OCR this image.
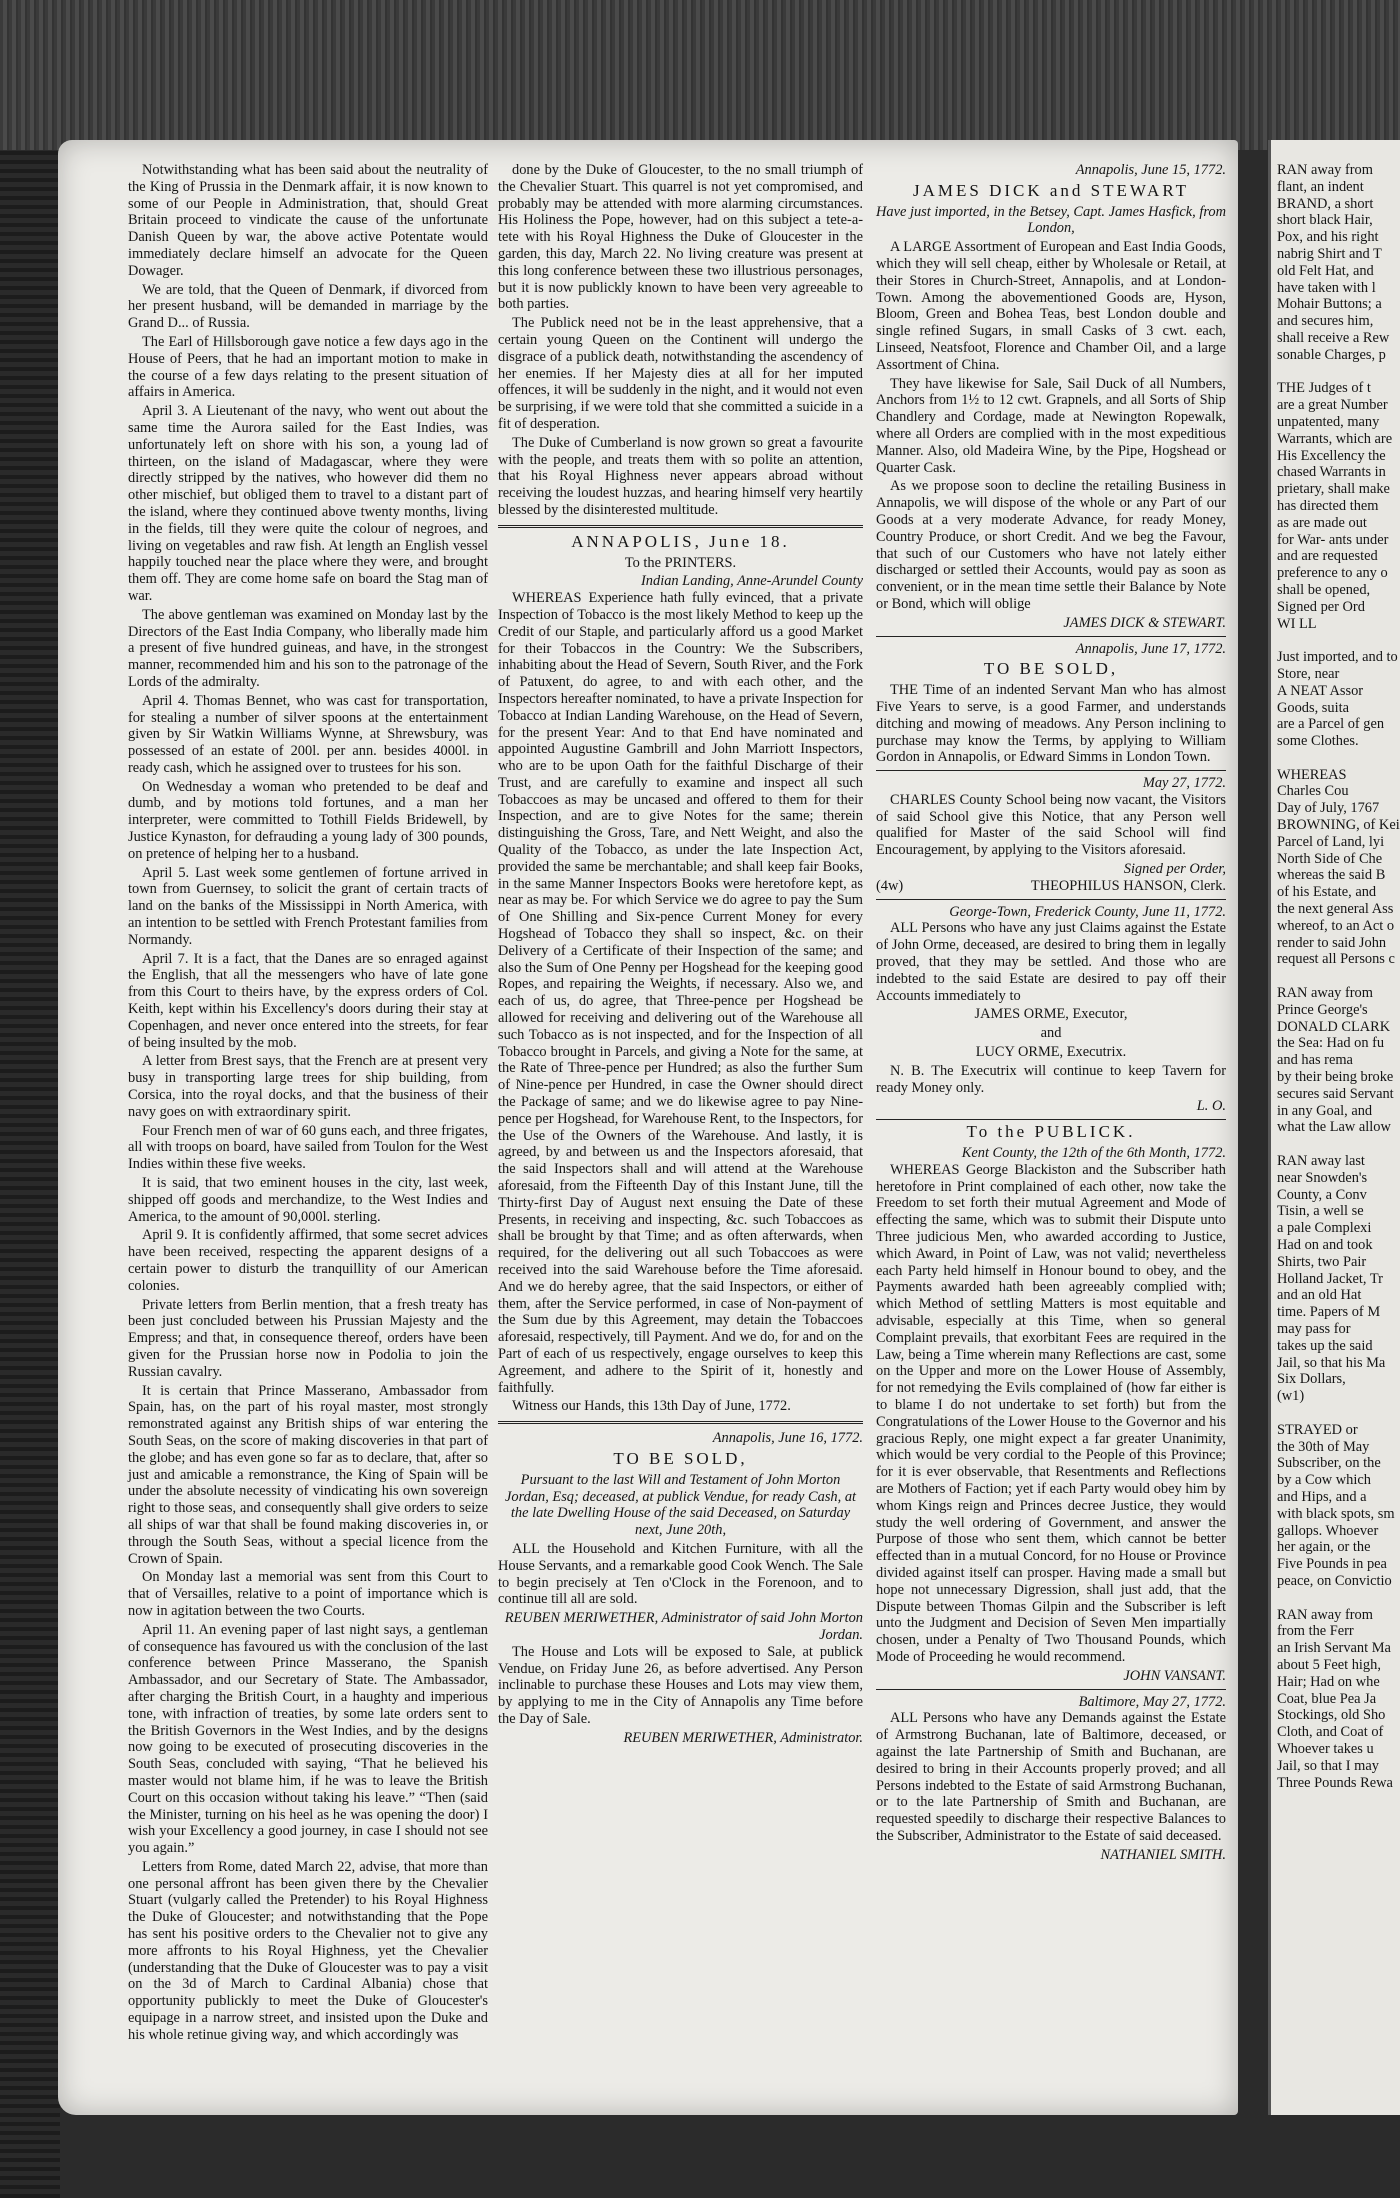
Notwithstanding what has been said about the neutrality of the King of Prussia in the Denmark affair, it is now known to some of our People in Administration, that, should Great Britain proceed to vindicate the cause of the unfortunate Danish Queen by war, the above active Potentate would immediately declare himself an advocate for the Queen Dowager.

We are told, that the Queen of Denmark, if divorced from her present husband, will be demanded in marriage by the Grand D... of Russia.

The Earl of Hillsborough gave notice a few days ago in the House of Peers, that he had an important motion to make in the course of a few days relating to the present situation of affairs in America.

April 3. A Lieutenant of the navy, who went out about the same time the Aurora sailed for the East Indies, was unfortunately left on shore with his son, a young lad of thirteen, on the island of Madagascar, where they were directly stripped by the natives, who however did them no other mischief, but obliged them to travel to a distant part of the island, where they continued above twenty months, living in the fields, till they were quite the colour of negroes, and living on vegetables and raw fish. At length an English vessel happily touched near the place where they were, and brought them off. They are come home safe on board the Stag man of war.

The above gentleman was examined on Monday last by the Directors of the East India Company, who liberally made him a present of five hundred guineas, and have, in the strongest manner, recommended him and his son to the patronage of the Lords of the admiralty.

April 4. Thomas Bennet, who was cast for transportation, for stealing a number of silver spoons at the entertainment given by Sir Watkin Williams Wynne, at Shrewsbury, was possessed of an estate of 200l. per ann. besides 4000l. in ready cash, which he assigned over to trustees for his son.

On Wednesday a woman who pretended to be deaf and dumb, and by motions told fortunes, and a man her interpreter, were committed to Tothill Fields Bridewell, by Justice Kynaston, for defrauding a young lady of 300 pounds, on pretence of helping her to a husband.

April 5. Last week some gentlemen of fortune arrived in town from Guernsey, to solicit the grant of certain tracts of land on the banks of the Mississippi in North America, with an intention to be settled with French Protestant families from Normandy.

April 7. It is a fact, that the Danes are so enraged against the English, that all the messengers who have of late gone from this Court to theirs have, by the express orders of Col. Keith, kept within his Excellency's doors during their stay at Copenhagen, and never once entered into the streets, for fear of being insulted by the mob.

A letter from Brest says, that the French are at present very busy in transporting large trees for ship building, from Corsica, into the royal docks, and that the business of their navy goes on with extraordinary spirit.

Four French men of war of 60 guns each, and three frigates, all with troops on board, have sailed from Toulon for the West Indies within these five weeks.

It is said, that two eminent houses in the city, last week, shipped off goods and merchandize, to the West Indies and America, to the amount of 90,000l. sterling.

April 9. It is confidently affirmed, that some secret advices have been received, respecting the apparent designs of a certain power to disturb the tranquillity of our American colonies.

Private letters from Berlin mention, that a fresh treaty has been just concluded between his Prussian Majesty and the Empress; and that, in consequence thereof, orders have been given for the Prussian horse now in Podolia to join the Russian cavalry.

It is certain that Prince Masserano, Ambassador from Spain, has, on the part of his royal master, most strongly remonstrated against any British ships of war entering the South Seas, on the score of making discoveries in that part of the globe; and has even gone so far as to declare, that, after so just and amicable a remonstrance, the King of Spain will be under the absolute necessity of vindicating his own sovereign right to those seas, and consequently shall give orders to seize all ships of war that shall be found making discoveries in, or through the South Seas, without a special licence from the Crown of Spain.

On Monday last a memorial was sent from this Court to that of Versailles, relative to a point of importance which is now in agitation between the two Courts.

April 11. An evening paper of last night says, a gentleman of consequence has favoured us with the conclusion of the last conference between Prince Masserano, the Spanish Ambassador, and our Secretary of State. The Ambassador, after charging the British Court, in a haughty and imperious tone, with infraction of treaties, by some late orders sent to the British Governors in the West Indies, and by the designs now going to be executed of prosecuting discoveries in the South Seas, concluded with saying, “That he believed his master would not blame him, if he was to leave the British Court on this occasion without taking his leave.” “Then (said the Minister, turning on his heel as he was opening the door) I wish your Excellency a good journey, in case I should not see you again.”

Letters from Rome, dated March 22, advise, that more than one personal affront has been given there by the Chevalier Stuart (vulgarly called the Pretender) to his Royal Highness the Duke of Gloucester; and notwithstanding that the Pope has sent his positive orders to the Chevalier not to give any more affronts to his Royal Highness, yet the Chevalier (understanding that the Duke of Gloucester was to pay a visit on the 3d of March to Cardinal Albania) chose that opportunity publickly to meet the Duke of Gloucester's equipage in a narrow street, and insisted upon the Duke and his whole retinue giving way, and which accordingly was

done by the Duke of Gloucester, to the no small triumph of the Chevalier Stuart. This quarrel is not yet compromised, and probably may be attended with more alarming circumstances. His Holiness the Pope, however, had on this subject a tete-a-tete with his Royal Highness the Duke of Gloucester in the garden, this day, March 22. No living creature was present at this long conference between these two illustrious personages, but it is now publickly known to have been very agreeable to both parties.

The Publick need not be in the least apprehensive, that a certain young Queen on the Continent will undergo the disgrace of a publick death, notwithstanding the ascendency of her enemies. If her Majesty dies at all for her imputed offences, it will be suddenly in the night, and it would not even be surprising, if we were told that she committed a suicide in a fit of desperation.

The Duke of Cumberland is now grown so great a favourite with the people, and treats them with so polite an attention, that his Royal Highness never appears abroad without receiving the loudest huzzas, and hearing himself very heartily blessed by the disinterested multitude.

ANNAPOLIS, June 18.
To the PRINTERS.
Indian Landing, Anne-Arundel County

WHEREAS Experience hath fully evinced, that a private Inspection of Tobacco is the most likely Method to keep up the Credit of our Staple, and particularly afford us a good Market for their Tobaccos in the Country: We the Subscribers, inhabiting about the Head of Severn, South River, and the Fork of Patuxent, do agree, to and with each other, and the Inspectors hereafter nominated, to have a private Inspection for Tobacco at Indian Landing Warehouse, on the Head of Severn, for the present Year: And to that End have nominated and appointed Augustine Gambrill and John Marriott Inspectors, who are to be upon Oath for the faithful Discharge of their Trust, and are carefully to examine and inspect all such Tobaccoes as may be uncased and offered to them for their Inspection, and are to give Notes for the same; therein distinguishing the Gross, Tare, and Nett Weight, and also the Quality of the Tobacco, as under the late Inspection Act, provided the same be merchantable; and shall keep fair Books, in the same Manner Inspectors Books were heretofore kept, as near as may be. For which Service we do agree to pay the Sum of One Shilling and Six-pence Current Money for every Hogshead of Tobacco they shall so inspect, &c. on their Delivery of a Certificate of their Inspection of the same; and also the Sum of One Penny per Hogshead for the keeping good Ropes, and repairing the Weights, if necessary. Also we, and each of us, do agree, that Three-pence per Hogshead be allowed for receiving and delivering out of the Warehouse all such Tobacco as is not inspected, and for the Inspection of all Tobacco brought in Parcels, and giving a Note for the same, at the Rate of Three-pence per Hundred; as also the further Sum of Nine-pence per Hundred, in case the Owner should direct the Package of same; and we do likewise agree to pay Nine-pence per Hogshead, for Warehouse Rent, to the Inspectors, for the Use of the Owners of the Warehouse. And lastly, it is agreed, by and between us and the Inspectors aforesaid, that the said Inspectors shall and will attend at the Warehouse aforesaid, from the Fifteenth Day of this Instant June, till the Thirty-first Day of August next ensuing the Date of these Presents, in receiving and inspecting, &c. such Tobaccoes as shall be brought by that Time; and as often afterwards, when required, for the delivering out all such Tobaccoes as were received into the said Warehouse before the Time aforesaid. And we do hereby agree, that the said Inspectors, or either of them, after the Service performed, in case of Non-payment of the Sum due by this Agreement, may detain the Tobaccoes aforesaid, respectively, till Payment. And we do, for and on the Part of each of us respectively, engage ourselves to keep this Agreement, and adhere to the Spirit of it, honestly and faithfully.

Witness our Hands, this 13th Day of June, 1772.

Annapolis, June 16, 1772.
TO BE SOLD,
Pursuant to the last Will and Testament of John Morton Jordan, Esq; deceased, at publick Vendue, for ready Cash, at the late Dwelling House of the said Deceased, on Saturday next, June 20th,

ALL the Household and Kitchen Furniture, with all the House Servants, and a remarkable good Cook Wench. The Sale to begin precisely at Ten o'Clock in the Forenoon, and to continue till all are sold.

REUBEN MERIWETHER, Administrator of said John Morton Jordan.

The House and Lots will be exposed to Sale, at publick Vendue, on Friday June 26, as before advertised. Any Person inclinable to purchase these Houses and Lots may view them, by applying to me in the City of Annapolis any Time before the Day of Sale.

REUBEN MERIWETHER, Administrator.
Annapolis, June 15, 1772.
JAMES DICK and STEWART
Have just imported, in the Betsey, Capt. James Hasfick, from London,

A LARGE Assortment of European and East India Goods, which they will sell cheap, either by Wholesale or Retail, at their Stores in Church-Street, Annapolis, and at London-Town. Among the abovementioned Goods are, Hyson, Bloom, Green and Bohea Teas, best London double and single refined Sugars, in small Casks of 3 cwt. each, Linseed, Neatsfoot, Florence and Chamber Oil, and a large Assortment of China.

They have likewise for Sale, Sail Duck of all Numbers, Anchors from 1½ to 12 cwt. Grapnels, and all Sorts of Ship Chandlery and Cordage, made at Newington Ropewalk, where all Orders are complied with in the most expeditious Manner. Also, old Madeira Wine, by the Pipe, Hogshead or Quarter Cask.

As we propose soon to decline the retailing Business in Annapolis, we will dispose of the whole or any Part of our Goods at a very moderate Advance, for ready Money, Country Produce, or short Credit. And we beg the Favour, that such of our Customers who have not lately either discharged or settled their Accounts, would pay as soon as convenient, or in the mean time settle their Balance by Note or Bond, which will oblige

JAMES DICK & STEWART.
Annapolis, June 17, 1772.
TO BE SOLD,

THE Time of an indented Servant Man who has almost Five Years to serve, is a good Farmer, and understands ditching and mowing of meadows. Any Person inclining to purchase may know the Terms, by applying to William Gordon in Annapolis, or Edward Simms in London Town.

May 27, 1772.

CHARLES County School being now vacant, the Visitors of said School give this Notice, that any Person well qualified for Master of the said School will find Encouragement, by applying to the Visitors aforesaid.

Signed per Order,
(4w)	THEOPHILUS HANSON, Clerk.
George-Town, Frederick County, June 11, 1772.

ALL Persons who have any just Claims against the Estate of John Orme, deceased, are desired to bring them in legally proved, that they may be settled. And those who are indebted to the said Estate are desired to pay off their Accounts immediately to

JAMES ORME, Executor,
and
LUCY ORME, Executrix.

N. B. The Executrix will continue to keep Tavern for ready Money only.

L. O.
To the PUBLICK.
Kent County, the 12th of the 6th Month, 1772.

WHEREAS George Blackiston and the Subscriber hath heretofore in Print complained of each other, now take the Freedom to set forth their mutual Agreement and Mode of effecting the same, which was to submit their Dispute unto Three judicious Men, who awarded according to Justice, which Award, in Point of Law, was not valid; nevertheless each Party held himself in Honour bound to obey, and the Payments awarded hath been agreeably complied with; which Method of settling Matters is most equitable and advisable, especially at this Time, when so general Complaint prevails, that exorbitant Fees are required in the Law, being a Time wherein many Reflections are cast, some on the Upper and more on the Lower House of Assembly, for not remedying the Evils complained of (how far either is to blame I do not undertake to set forth) but from the Congratulations of the Lower House to the Governor and his gracious Reply, one might expect a far greater Unanimity, which would be very cordial to the People of this Province; for it is ever observable, that Resentments and Reflections are Mothers of Faction; yet if each Party would obey him by whom Kings reign and Princes decree Justice, they would study the well ordering of Government, and answer the Purpose of those who sent them, which cannot be better effected than in a mutual Concord, for no House or Province divided against itself can prosper. Having made a small but hope not unnecessary Digression, shall just add, that the Dispute between Thomas Gilpin and the Subscriber is left unto the Judgment and Decision of Seven Men impartially chosen, under a Penalty of Two Thousand Pounds, which Mode of Proceeding he would recommend.

JOHN VANSANT.
Baltimore, May 27, 1772.

ALL Persons who have any Demands against the Estate of Armstrong Buchanan, late of Baltimore, deceased, or against the late Partnership of Smith and Buchanan, are desired to bring in their Accounts properly proved; and all Persons indebted to the Estate of said Armstrong Buchanan, or to the late Partnership of Smith and Buchanan, are requested speedily to discharge their respective Balances to the Subscriber, Administrator to the Estate of said deceased.

NATHANIEL SMITH.
RAN away from
flant, an indent
BRAND, a short
short black Hair,
Pox, and his right
nabrig Shirt and T
old Felt Hat, and
have taken with l
Mohair Buttons; a
and secures him,
shall receive a Rew
sonable Charges, p
THE Judges of t
are a great Number
unpatented, many
Warrants, which are
His Excellency the
chased Warrants in
prietary, shall make
has directed them
as are made out
for War- ants under
and are requested
preference to any o
shall be opened,
Signed per Ord
WI LL
Just imported, and to
Store, near
A NEAT Assor
Goods, suita
are a Parcel of gen
some Clothes.
WHEREAS
Charles Cou
Day of July, 1767
BROWNING, of Kei
Parcel of Land, lyi
North Side of Che
whereas the said B
of his Estate, and
the next general Ass
whereof, to an Act o
render to said John
request all Persons c
RAN away from
Prince George's
DONALD CLARK
the Sea: Had on fu
and has rema
by their being broke
secures said Servant
in any Goal, and
what the Law allow
RAN away last
near Snowden's
County, a Conv
Tisin, a well se
a pale Complexi
Had on and took
Shirts, two Pair
Holland Jacket, Tr
and an old Hat
time. Papers of M
may pass for
takes up the said
Jail, so that his Ma
Six Dollars,
(w1)
STRAYED or
the 30th of May
Subscriber, on the
by a Cow which
and Hips, and a
with black spots, sm
gallops. Whoever
her again, or the
Five Pounds in pea
peace, on Convictio
RAN away from
from the Ferr
an Irish Servant Ma
about 5 Feet high,
Hair; Had on whe
Coat, blue Pea Ja
Stockings, old Sho
Cloth, and Coat of
Whoever takes u
Jail, so that I may
Three Pounds Rewa
